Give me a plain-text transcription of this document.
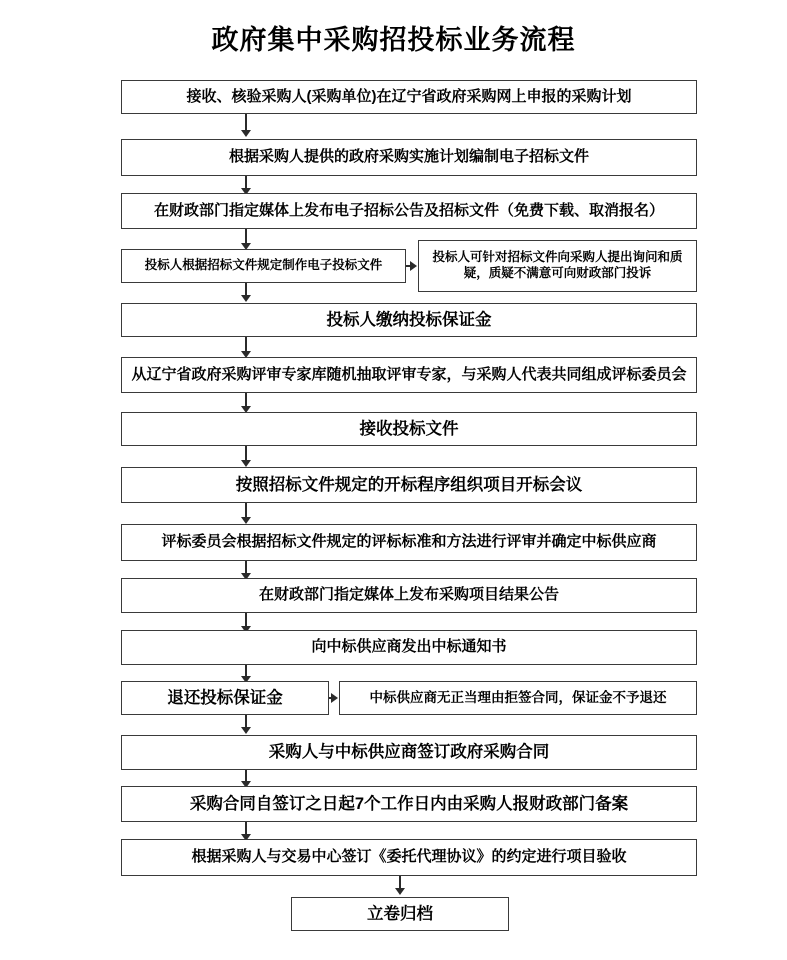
政府集中采购招投标业务流程
接收、核验采购人(采购单位)在辽宁省政府采购网上申报的采购计划
根据采购人提供的政府采购实施计划编制电子招标文件
在财政部门指定媒体上发布电子招标公告及招标文件（免费下载、取消报名）
投标人根据招标文件规定制作电子投标文件
投标人可针对招标文件向采购人提出询问和质疑，质疑不满意可向财政部门投诉
投标人缴纳投标保证金
从辽宁省政府采购评审专家库随机抽取评审专家，与采购人代表共同组成评标委员会
接收投标文件
按照招标文件规定的开标程序组织项目开标会议
评标委员会根据招标文件规定的评标标准和方法进行评审并确定中标供应商
在财政部门指定媒体上发布采购项目结果公告
向中标供应商发出中标通知书
退还投标保证金	中标供应商无正当理由拒签合同，保证金不予退还
采购人与中标供应商签订政府采购合同
采购合同自签订之日起7个工作日内由采购人报财政部门备案
根据采购人与交易中心签订《委托代理协议》的约定进行项目验收
立卷归档
